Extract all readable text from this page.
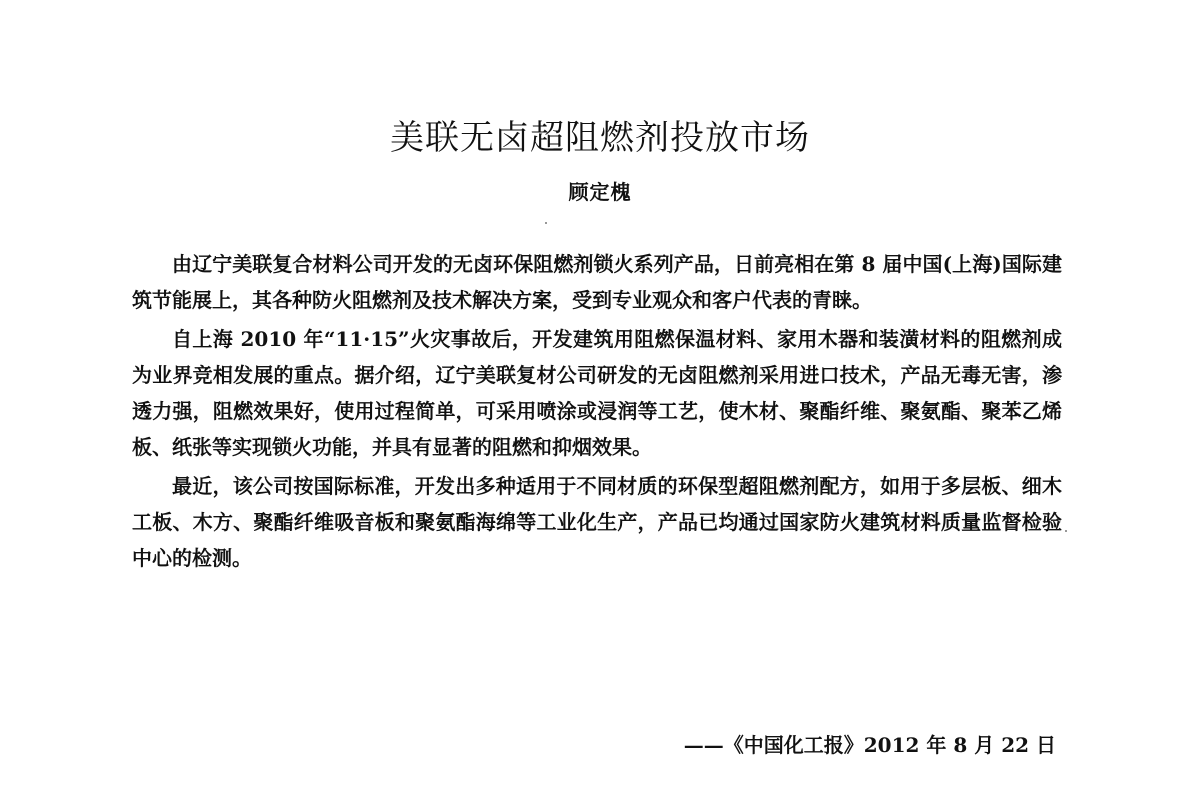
美联无卤超阻燃剂投放市场
顾定槐

由辽宁美联复合材料公司开发的无卤环保阻燃剂锁火系列产品，日前亮相在第 8 届中国(上海)国际建筑节能展上，其各种防火阻燃剂及技术解决方案，受到专业观众和客户代表的青睐。

自上海 2010 年“11·15”火灾事故后，开发建筑用阻燃保温材料、家用木器和装潢材料的阻燃剂成为业界竞相发展的重点。据介绍，辽宁美联复材公司研发的无卤阻燃剂采用进口技术，产品无毒无害，渗透力强，阻燃效果好，使用过程简单，可采用喷涂或浸润等工艺，使木材、聚酯纤维、聚氨酯、聚苯乙烯板、纸张等实现锁火功能，并具有显著的阻燃和抑烟效果。

最近，该公司按国际标准，开发出多种适用于不同材质的环保型超阻燃剂配方，如用于多层板、细木工板、木方、聚酯纤维吸音板和聚氨酯海绵等工业化生产，产品已均通过国家防火建筑材料质量监督检验中心的检测。

——《中国化工报》2012 年 8 月 22 日
